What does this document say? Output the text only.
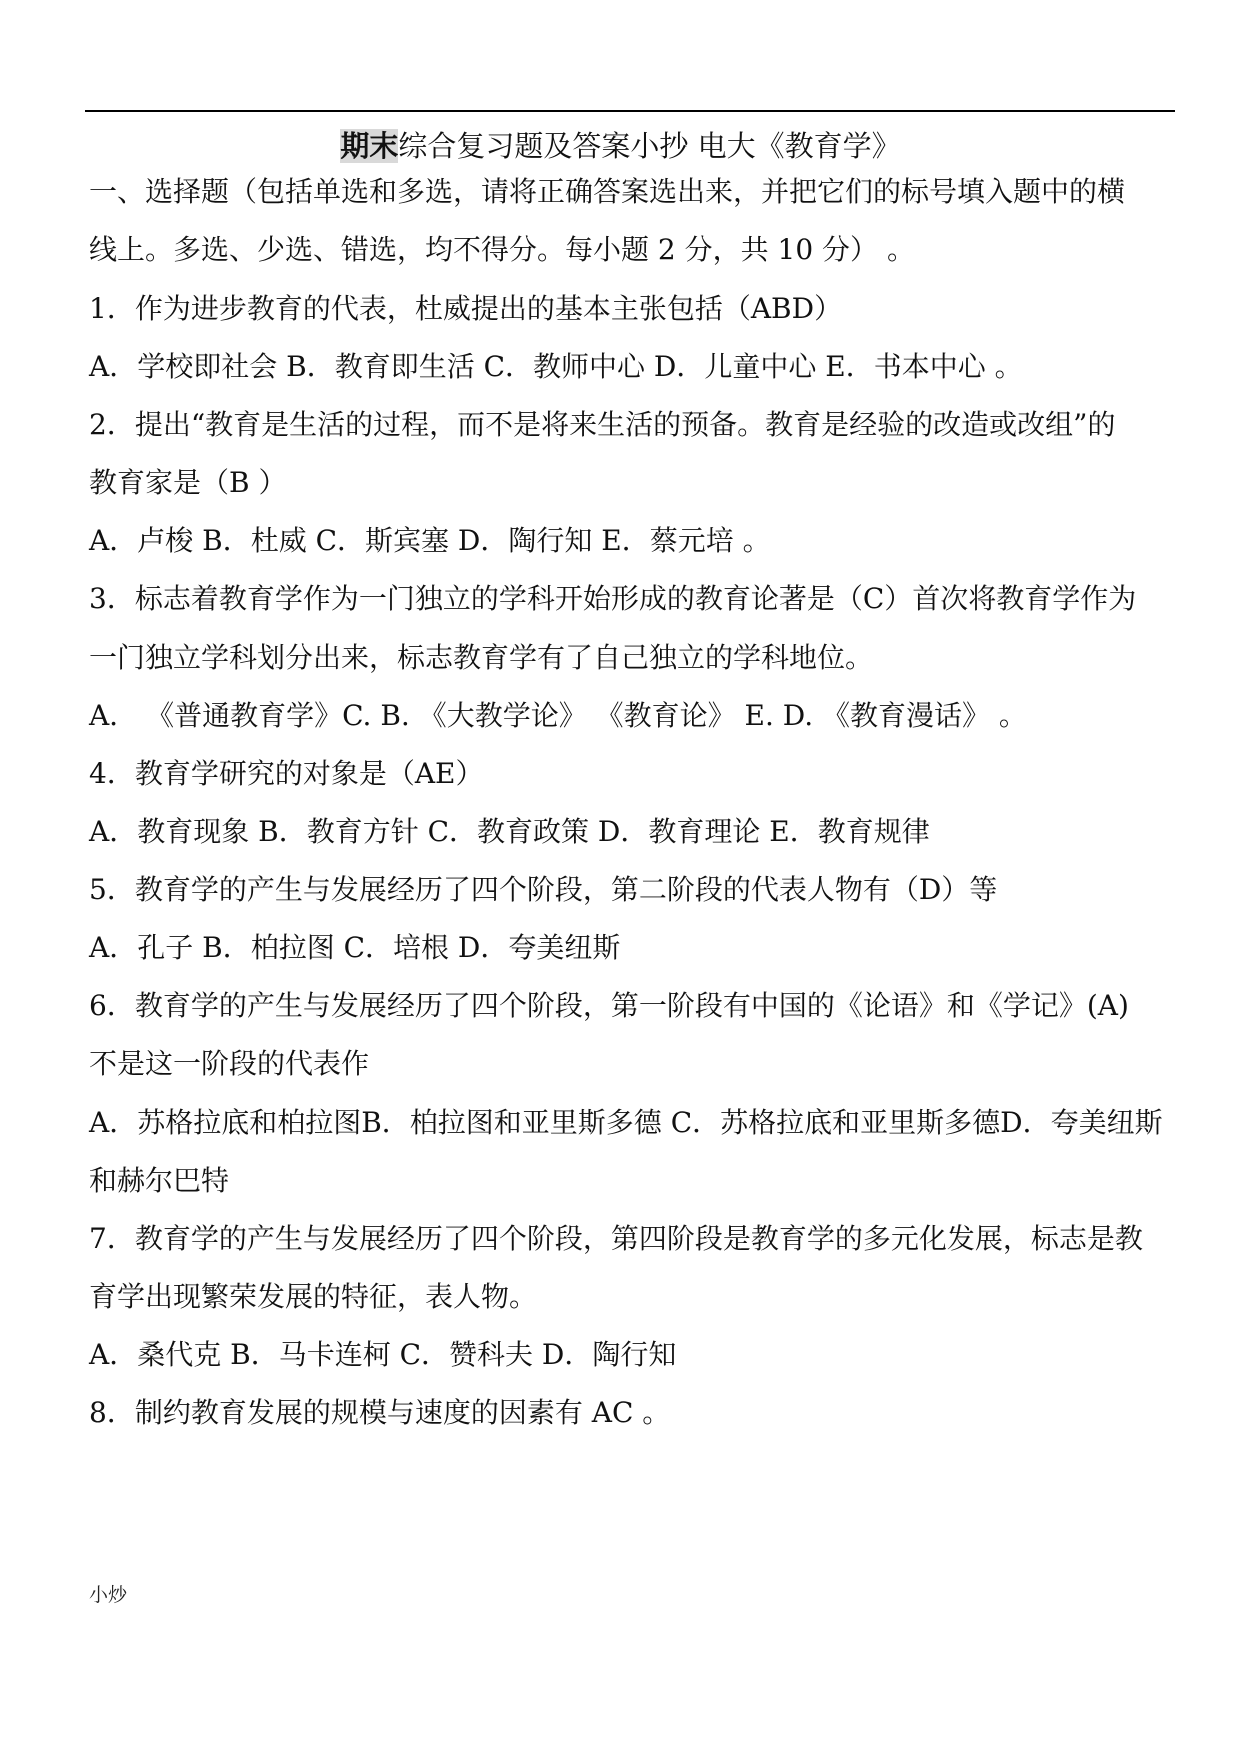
期末综合复习题及答案小抄 电大《教育学》
一、选择题（包括单选和多选，请将正确答案选出来，并把它们的标号填入题中的横
线上。多选、少选、错选，均不得分。每小题 2 分，共 10 分） 。
1．作为进步教育的代表，杜威提出的基本主张包括（ABD）
A．学校即社会 B．教育即生活 C．教师中心 D．儿童中心 E．书本中心 。
2．提出“教育是生活的过程，而不是将来生活的预备。教育是经验的改造或改组”的
教育家是（B ）
A．卢梭 B．杜威 C．斯宾塞 D．陶行知 E．蔡元培 。
3．标志着教育学作为一门独立的学科开始形成的教育论著是（C）首次将教育学作为
一门独立学科划分出来，标志教育学有了自己独立的学科地位。
A． 《普通教育学》C. B. 《大教学论》 《教育论》 E. D. 《教育漫话》 。
4．教育学研究的对象是（AE）
A．教育现象 B．教育方针 C．教育政策 D．教育理论 E．教育规律
5．教育学的产生与发展经历了四个阶段，第二阶段的代表人物有（D）等
A．孔子 B．柏拉图 C．培根 D．夸美纽斯
6．教育学的产生与发展经历了四个阶段，第一阶段有中国的《论语》和《学记》(A)
不是这一阶段的代表作
A．苏格拉底和柏拉图B．柏拉图和亚里斯多德 C．苏格拉底和亚里斯多德D．夸美纽斯
和赫尔巴特
7．教育学的产生与发展经历了四个阶段，第四阶段是教育学的多元化发展，标志是教
育学出现繁荣发展的特征，表人物。
A．桑代克 B．马卡连柯 C．赞科夫 D．陶行知
8．制约教育发展的规模与速度的因素有 AC 。
小炒
